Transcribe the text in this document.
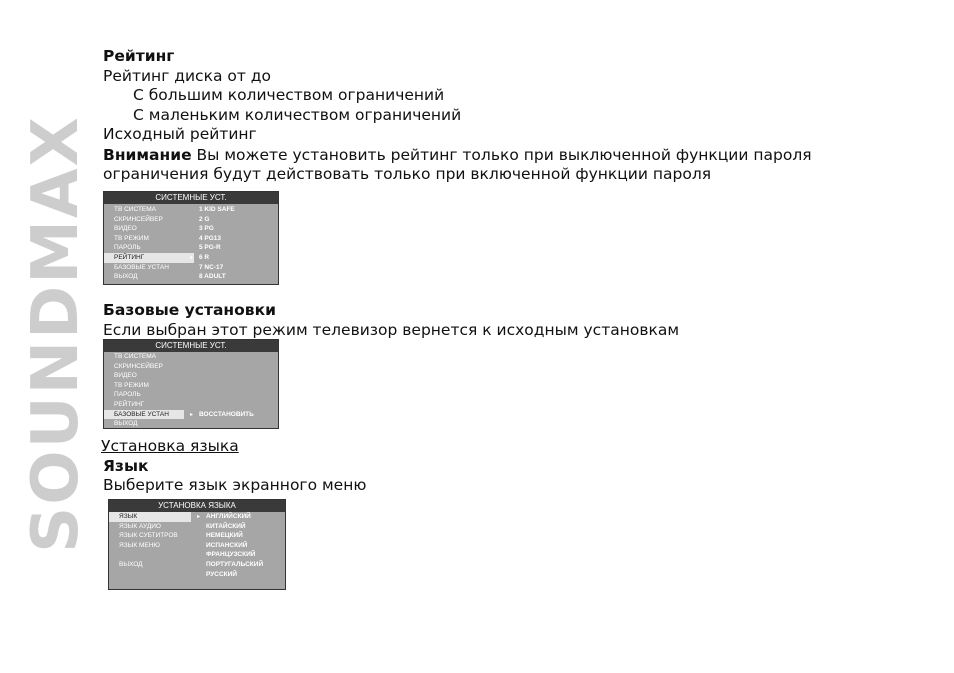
SOUNDMAX
Рейтинг
Рейтинг диска от до
С большим количеством ограничений
С маленьким количеством ограничений
Исходный рейтинг
Внимание Вы можете установить рейтинг только при выключенной функции пароля
ограничения будут действовать только при включенной функции пароля
СИСТЕМНЫЕ УСТ.
ТВ СИСТЕМА
СКРИНСЕЙВЕР
ВИДЕО
ТВ РЕЖИМ
ПАРОЛЬ
РЕЙТИНГ
БАЗОВЫЕ УСТАН
ВЫХОД
1 KID SAFE
2 G
3 PG
4 PG13
5 PG-R
6 R
7 NC-17
8 ADULT
▸
Базовые установки
Если выбран этот режим телевизор вернется к исходным установкам
СИСТЕМНЫЕ УСТ.
ТВ СИСТЕМА
СКРИНСЕЙВЕР
ВИДЕО
ТВ РЕЖИМ
ПАРОЛЬ
РЕЙТИНГ
БАЗОВЫЕ УСТАН
ВЫХОД

ВОССТАНОВИТЬ
▸
Установка языка
Язык
Выберите язык экранного меню
УСТАНОВКА ЯЗЫКА
ЯЗЫК
ЯЗЫК АУДИО
ЯЗЫК СУБТИТРОВ
ЯЗЫК МЕНЮ
ВЫХОД
АНГЛИЙСКИЙ
КИТАЙСКИЙ
НЕМЕЦКИЙ
ИСПАНСКИЙ
ФРАНЦУЗСКИЙ
ПОРТУГАЛЬСКИЙ
РУССКИЙ
▸
